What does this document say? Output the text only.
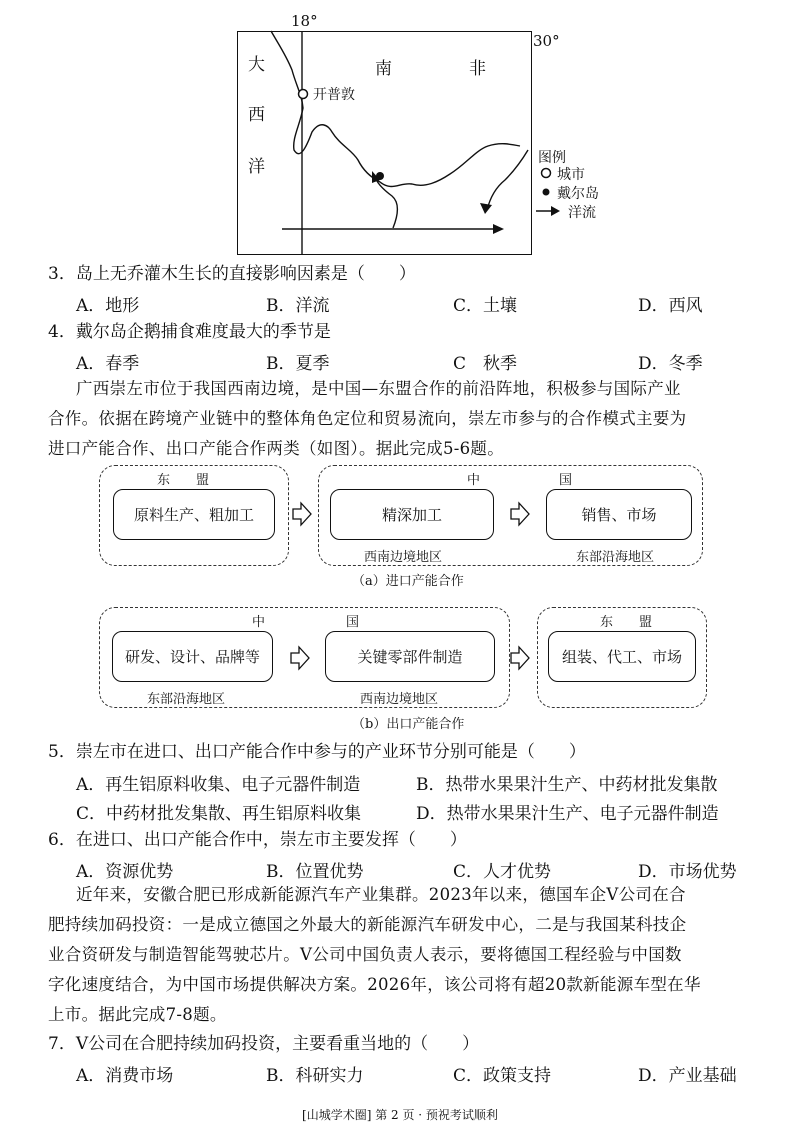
18°
30°
大
西
洋
南	非
开普敦
图例
城市
戴尔岛
洋流
3．岛上无乔灌木生长的直接影响因素是（　　）
A．地形	B．洋流	C．土壤	D．西风
4．戴尔岛企鹅捕食难度最大的季节是
A．春季	B．夏季	C　秋季	D．冬季
广西崇左市位于我国西南边境，是中国—东盟合作的前沿阵地，积极参与国际产业
合作。依据在跨境产业链中的整体角色定位和贸易流向，崇左市参与的合作模式主要为
进口产能合作、出口产能合作两类（如图）。据此完成5-6题。
东　　盟
原料生产、粗加工
中	国
精深加工	销售、市场
西南边境地区	东部沿海地区
（a）进口产能合作
中	国
研发、设计、品牌等	关键零部件制造
东部沿海地区	西南边境地区
东　　盟
组装、代工、市场
（b）出口产能合作
5．崇左市在进口、出口产能合作中参与的产业环节分别可能是（　　）
A．再生铝原料收集、电子元器件制造	B．热带水果果汁生产、中药材批发集散
C．中药材批发集散、再生铝原料收集	D．热带水果果汁生产、电子元器件制造
6．在进口、出口产能合作中，崇左市主要发挥（　　）
A．资源优势	B．位置优势	C．人才优势	D．市场优势
近年来，安徽合肥已形成新能源汽车产业集群。2023年以来，德国车企Ⅴ公司在合
肥持续加码投资：一是成立德国之外最大的新能源汽车研发中心，二是与我国某科技企
业合资研发与制造智能驾驶芯片。Ⅴ公司中国负责人表示，要将德国工程经验与中国数
字化速度结合，为中国市场提供解决方案。2026年，该公司将有超20款新能源车型在华
上市。据此完成7-8题。
7．Ⅴ公司在合肥持续加码投资，主要看重当地的（　　）
A．消费市场	B．科研实力	C．政策支持	D．产业基础
[山城学术圈] 第 2 页 · 预祝考试顺利
